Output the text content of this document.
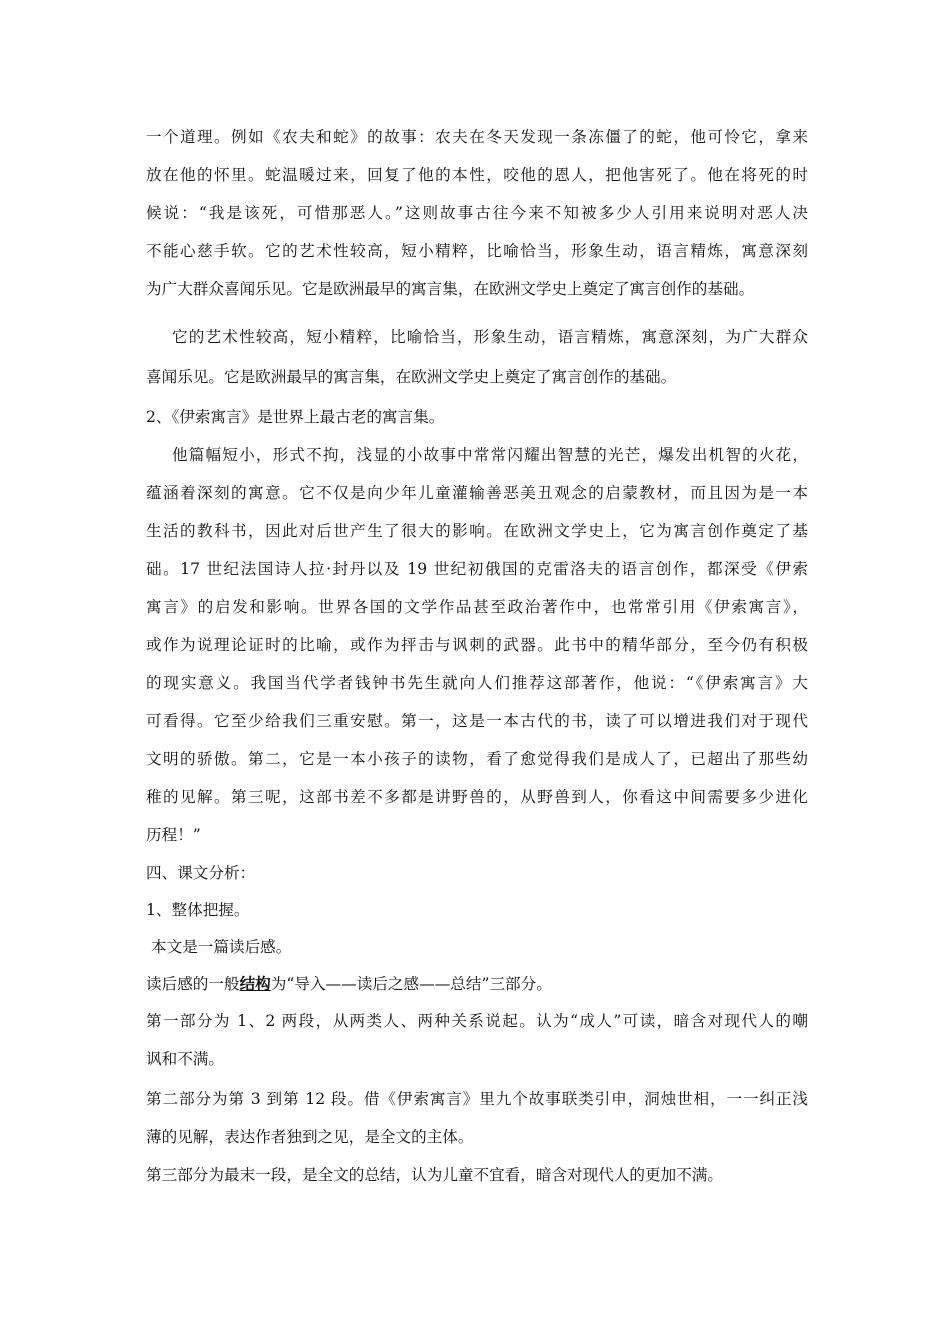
一个道理。例如《农夫和蛇》的故事：农夫在冬天发现一条冻僵了的蛇，他可怜它，拿来
放在他的怀里。蛇温暖过来，回复了他的本性，咬他的恩人，把他害死了。他在将死的时
候说：“我是该死，可惜那恶人。”这则故事古往今来不知被多少人引用来说明对恶人决
不能心慈手软。它的艺术性较高，短小精粹，比喻恰当，形象生动，语言精炼，寓意深刻
为广大群众喜闻乐见。它是欧洲最早的寓言集，在欧洲文学史上奠定了寓言创作的基础。
它的艺术性较高，短小精粹，比喻恰当，形象生动，语言精炼，寓意深刻，为广大群众
喜闻乐见。它是欧洲最早的寓言集，在欧洲文学史上奠定了寓言创作的基础。
2、《伊索寓言》是世界上最古老的寓言集。
他篇幅短小，形式不拘，浅显的小故事中常常闪耀出智慧的光芒，爆发出机智的火花，
蕴涵着深刻的寓意。它不仅是向少年儿童灌输善恶美丑观念的启蒙教材，而且因为是一本
生活的教科书，因此对后世产生了很大的影响。在欧洲文学史上，它为寓言创作奠定了基
础。17 世纪法国诗人拉·封丹以及 19 世纪初俄国的克雷洛夫的语言创作，都深受《伊索
寓言》的启发和影响。世界各国的文学作品甚至政治著作中，也常常引用《伊索寓言》，
或作为说理论证时的比喻，或作为抨击与讽刺的武器。此书中的精华部分，至今仍有积极
的现实意义。我国当代学者钱钟书先生就向人们推荐这部著作，他说：“《伊索寓言》大
可看得。它至少给我们三重安慰。第一，这是一本古代的书，读了可以增进我们对于现代
文明的骄傲。第二，它是一本小孩子的读物，看了愈觉得我们是成人了，已超出了那些幼
稚的见解。第三呢，这部书差不多都是讲野兽的，从野兽到人，你看这中间需要多少进化
历程！”
四、课文分析：
1、整体把握。
本文是一篇读后感。
读后感的一般结构为“导入——读后之感——总结”三部分。
第一部分为 1、2 两段，从两类人、两种关系说起。认为“成人”可读，暗含对现代人的嘲
讽和不满。
第二部分为第 3 到第 12 段。借《伊索寓言》里九个故事联类引申，洞烛世相，一一纠正浅
薄的见解，表达作者独到之见，是全文的主体。
第三部分为最末一段，是全文的总结，认为儿童不宜看，暗含对现代人的更加不满。
